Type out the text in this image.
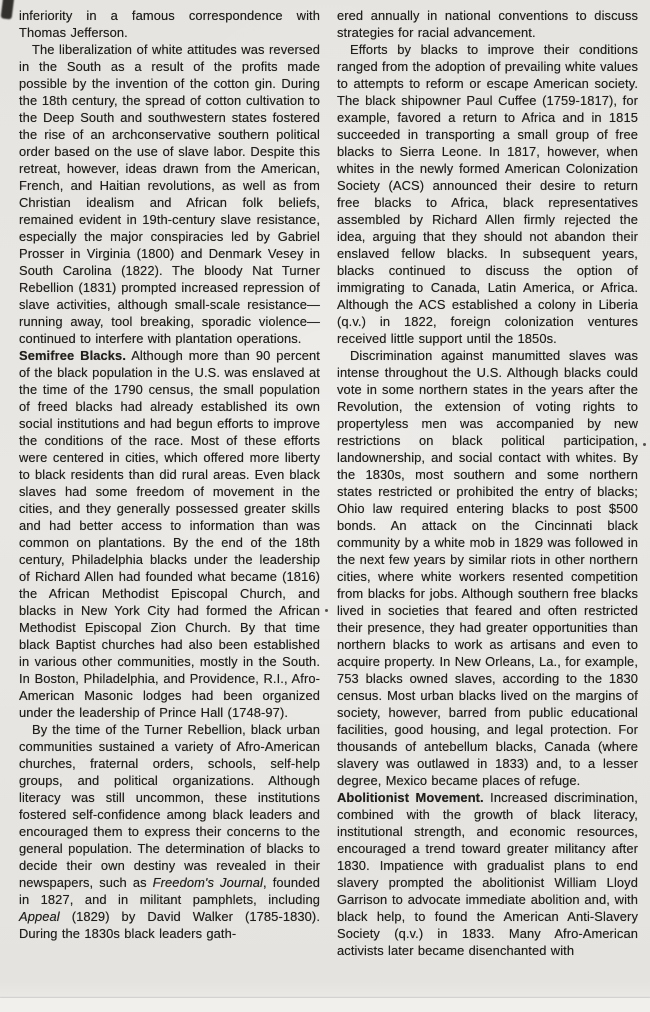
inferiority in a famous correspondence with Thomas Jefferson.

The liberalization of white attitudes was reversed in the South as a result of the profits made possible by the invention of the cotton gin. During the 18th century, the spread of cotton cultivation to the Deep South and southwestern states fostered the rise of an archconservative southern political order based on the use of slave labor. Despite this retreat, however, ideas drawn from the American, French, and Haitian revolutions, as well as from Christian idealism and African folk beliefs, remained evident in 19th-century slave resistance, especially the major conspiracies led by Gabriel Prosser in Virginia (1800) and Denmark Vesey in South Carolina (1822). The bloody Nat Turner Rebellion (1831) prompted increased repression of slave activities, although small-scale resistance—running away, tool breaking, sporadic violence—continued to interfere with plantation operations.

Semifree Blacks. Although more than 90 percent of the black population in the U.S. was enslaved at the time of the 1790 census, the small population of freed blacks had already established its own social institutions and had begun efforts to improve the conditions of the race. Most of these efforts were centered in cities, which offered more liberty to black residents than did rural areas. Even black slaves had some freedom of movement in the cities, and they generally possessed greater skills and had better access to information than was common on plantations. By the end of the 18th century, Philadelphia blacks under the leadership of Richard Allen had founded what became (1816) the African Methodist Episcopal Church, and blacks in New York City had formed the African Methodist Episcopal Zion Church. By that time black Baptist churches had also been established in various other communities, mostly in the South. In Boston, Philadelphia, and Providence, R.I., Afro-American Masonic lodges had been organized under the leadership of Prince Hall (1748-97).

By the time of the Turner Rebellion, black urban communities sustained a variety of Afro-American churches, fraternal orders, schools, self-help groups, and political organizations. Although literacy was still uncommon, these institutions fostered self-confidence among black leaders and encouraged them to express their concerns to the general population. The determination of blacks to decide their own destiny was revealed in their newspapers, such as Freedom's Journal, founded in 1827, and in militant pamphlets, including Appeal (1829) by David Walker (1785-1830). During the 1830s black leaders gath-

ered annually in national conventions to discuss strategies for racial advancement.

Efforts by blacks to improve their conditions ranged from the adoption of prevailing white values to attempts to reform or escape American society. The black shipowner Paul Cuffee (1759-1817), for example, favored a return to Africa and in 1815 succeeded in transporting a small group of free blacks to Sierra Leone. In 1817, however, when whites in the newly formed American Colonization Society (ACS) announced their desire to return free blacks to Africa, black representatives assembled by Richard Allen firmly rejected the idea, arguing that they should not abandon their enslaved fellow blacks. In subsequent years, blacks continued to discuss the option of immigrating to Canada, Latin America, or Africa. Although the ACS established a colony in Liberia (q.v.) in 1822, foreign colonization ventures received little support until the 1850s.

Discrimination against manumitted slaves was intense throughout the U.S. Although blacks could vote in some northern states in the years after the Revolution, the extension of voting rights to propertyless men was accompanied by new restrictions on black political participation, landownership, and social contact with whites. By the 1830s, most southern and some northern states restricted or prohibited the entry of blacks; Ohio law required entering blacks to post $500 bonds. An attack on the Cincinnati black community by a white mob in 1829 was followed in the next few years by similar riots in other northern cities, where white workers resented competition from blacks for jobs. Although southern free blacks lived in societies that feared and often restricted their presence, they had greater opportunities than northern blacks to work as artisans and even to acquire property. In New Orleans, La., for example, 753 blacks owned slaves, according to the 1830 census. Most urban blacks lived on the margins of society, however, barred from public educational facilities, good housing, and legal protection. For thousands of antebellum blacks, Canada (where slavery was outlawed in 1833) and, to a lesser degree, Mexico became places of refuge.

Abolitionist Movement. Increased discrimination, combined with the growth of black literacy, institutional strength, and economic resources, encouraged a trend toward greater militancy after 1830. Impatience with gradualist plans to end slavery prompted the abolitionist William Lloyd Garrison to advocate immediate abolition and, with black help, to found the American Anti-Slavery Society (q.v.) in 1833. Many Afro-American activists later became disenchanted with
